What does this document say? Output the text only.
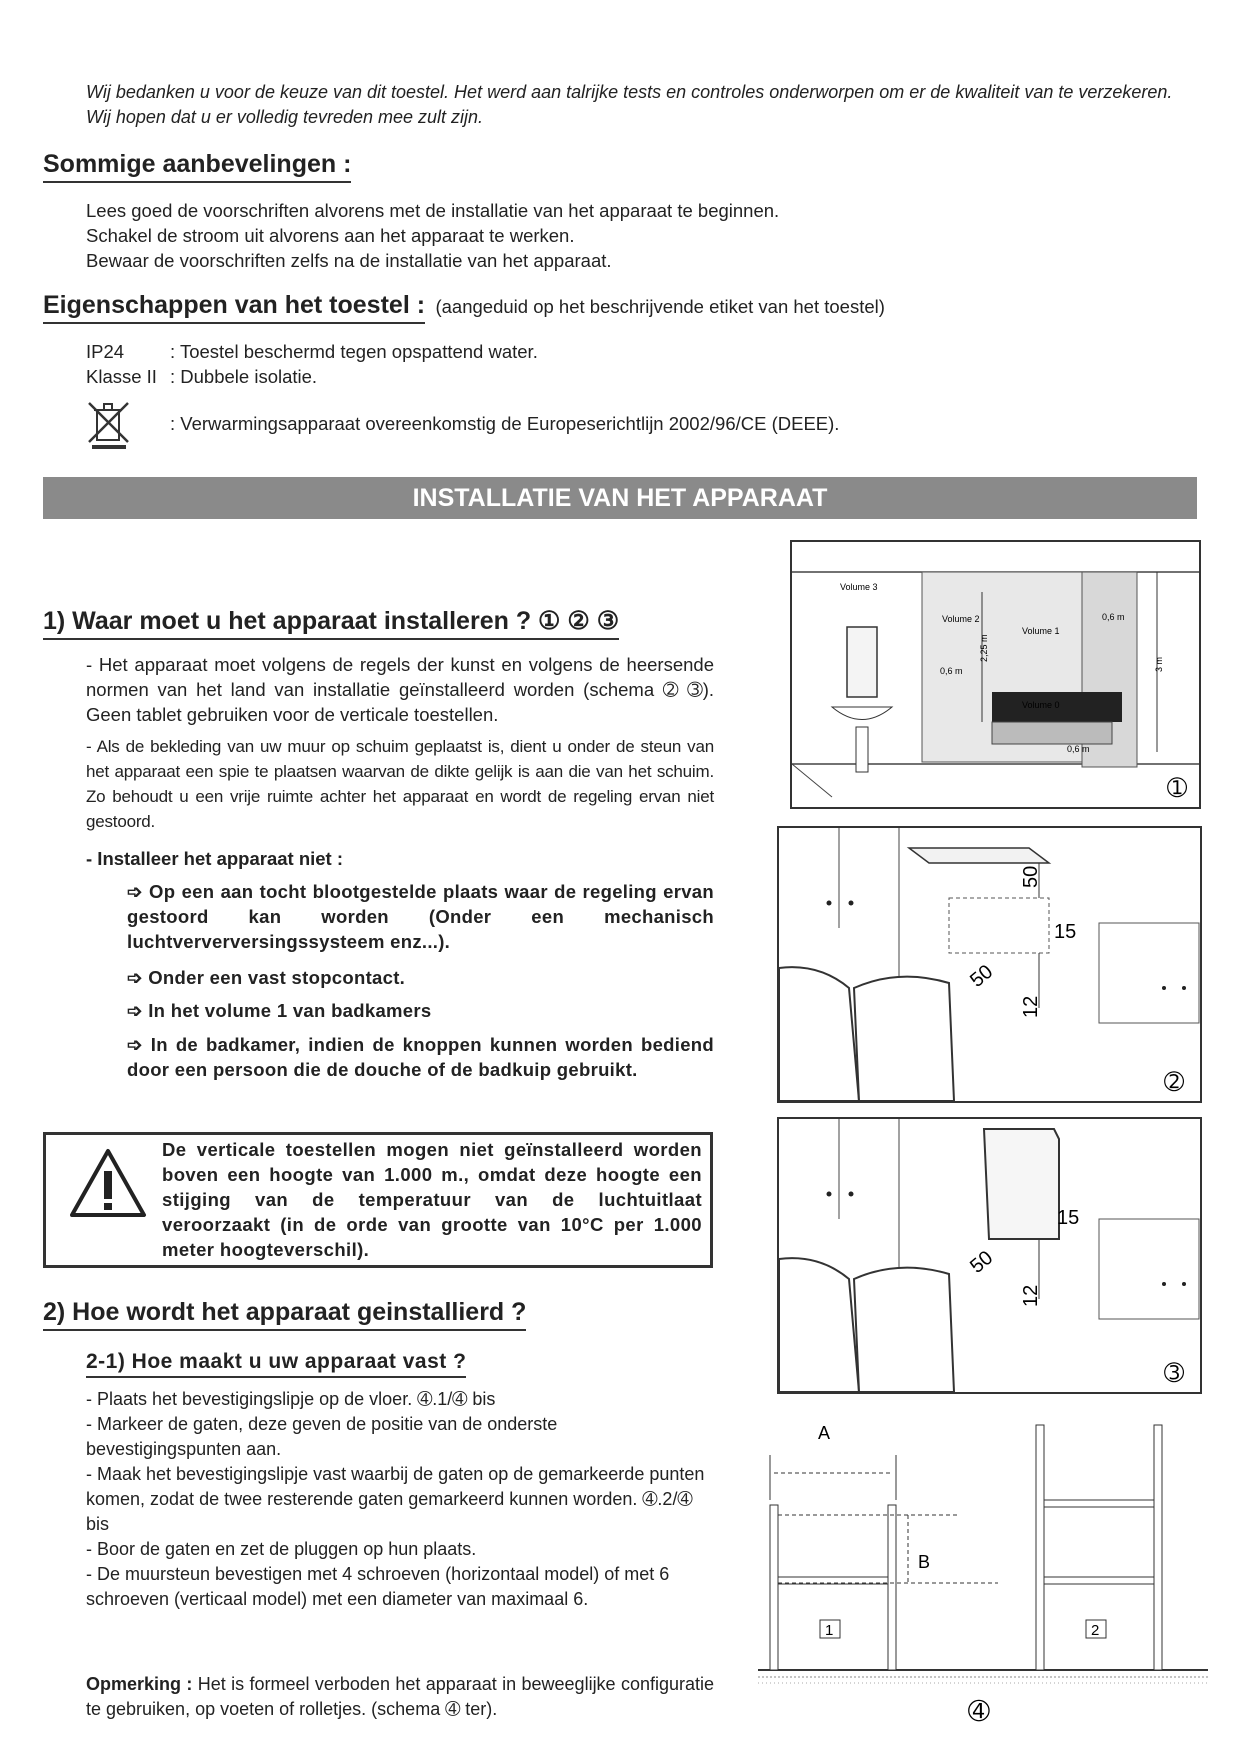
Wij bedanken u voor de keuze van dit toestel. Het werd aan talrijke tests en controles onderworpen om er de kwaliteit van te verzekeren. Wij hopen dat u er volledig tevreden mee zult zijn.
Sommige aanbevelingen :
Lees goed de voorschriften alvorens met de installatie van het apparaat te beginnen.
Schakel de stroom uit alvorens aan het apparaat te werken.
Bewaar de voorschriften zelfs na de installatie van het apparaat.
Eigenschappen van het toestel : (aangeduid op het beschrijvende etiket van het toestel)
IP24 : Toestel beschermd tegen opspattend water.
Klasse II : Dubbele isolatie.
: Verwarmingsapparaat overeenkomstig de Europeserichtlijn 2002/96/CE (DEEE).
INSTALLATIE VAN HET APPARAAT
1) Waar moet u het apparaat installeren ? ① ② ③
- Het apparaat moet volgens de regels der kunst en volgens de heersende normen van het land van installatie geïnstalleerd worden (schema ➁ ➂). Geen tablet gebruiken voor de verticale toestellen.
- Als de bekleding van uw muur op schuim geplaatst is, dient u onder de steun van het apparaat een spie te plaatsen waarvan de dikte gelijk is aan die van het schuim. Zo behoudt u een vrije ruimte achter het apparaat en wordt de regeling ervan niet gestoord.
- Installeer het apparaat niet :
➩ Op een aan tocht blootgestelde plaats waar de regeling ervan gestoord kan worden (Onder een mechanisch luchtververversingssysteem enz...).
➩ Onder een vast stopcontact.
➩ In het volume 1 van badkamers
➩ In de badkamer, indien de knoppen kunnen worden bediend door een persoon die de douche of de badkuip gebruikt.
De verticale toestellen mogen niet geïnstalleerd worden boven een hoogte van 1.000 m., omdat deze hoogte een stijging van de temperatuur van de luchtuitlaat veroorzaakt (in de orde van grootte van 10°C per 1.000 meter hoogteverschil).
2) Hoe wordt het apparaat geinstallierd ?
2-1) Hoe maakt u uw apparaat vast ?
- Plaats het bevestigingslipje op de vloer. ➃.1/➃ bis
- Markeer de gaten, deze geven de positie van de onderste bevestigingspunten aan.
- Maak het bevestigingslipje vast waarbij de gaten op de gemarkeerde punten komen, zodat de twee resterende gaten gemarkeerd kunnen worden. ➃.2/➃ bis
- Boor de gaten en zet de pluggen op hun plaats.
- De muursteun bevestigen met 4 schroeven (horizontaal model) of met 6 schroeven (verticaal model) met een diameter van maximaal 6.
Opmerking : Het is formeel verboden het apparaat in beweeglijke configuratie te gebruiken, op voeten of rolletjes. (schema ➃ ter).
Volume 3
Volume 2
Volume 1
Volume 0
0,6 m
0,6 m
0,6 m
2,25 m
3 m
➀
50
15
50
12
➁
15
50
12
➂
A
B
1	2
➃
